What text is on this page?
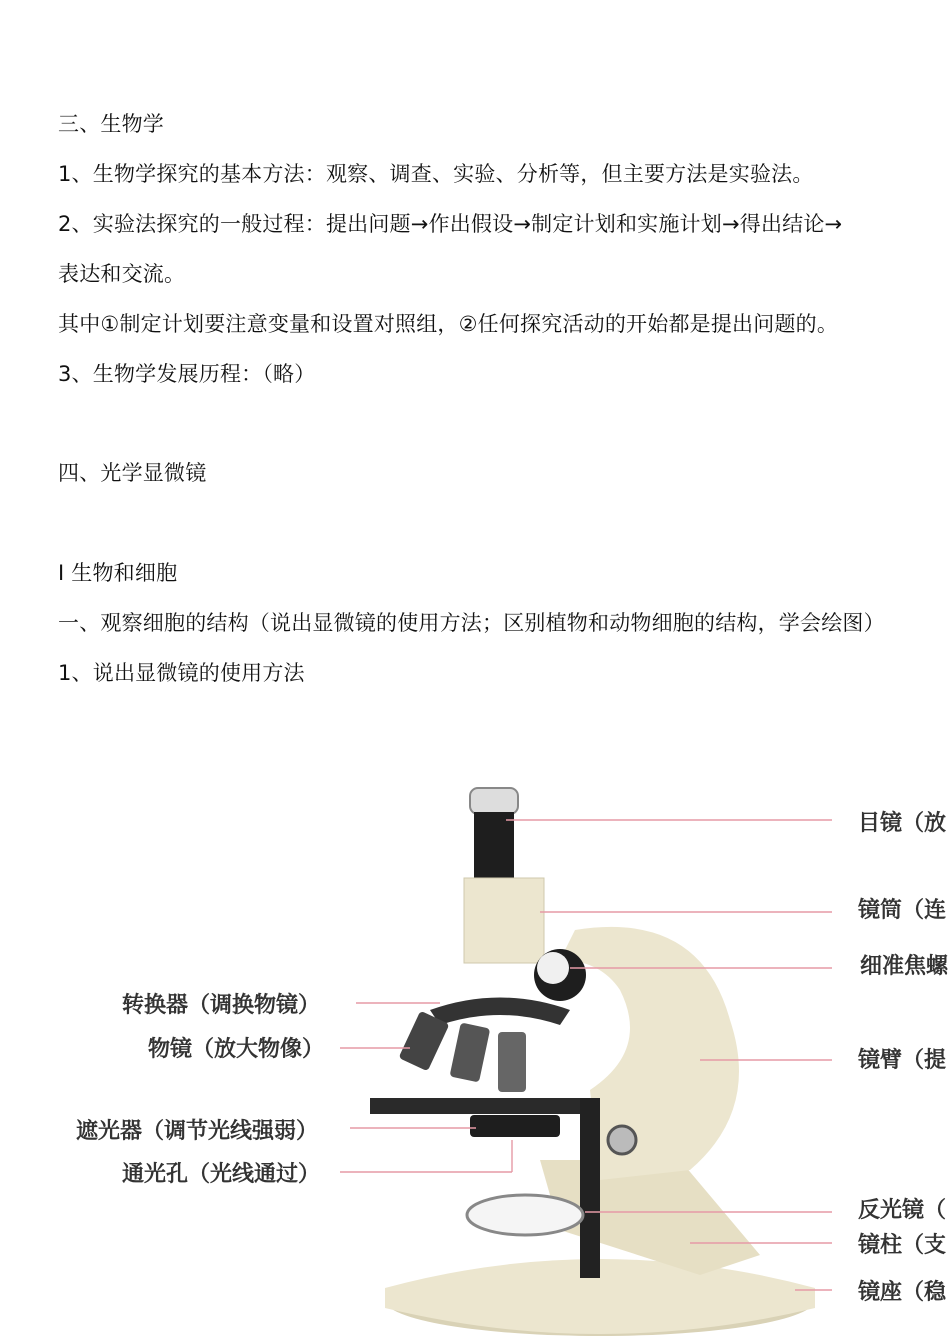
三、生物学
1、生物学探究的基本方法：观察、调查、实验、分析等，但主要方法是实验法。
2、实验法探究的一般过程：提出问题→作出假设→制定计划和实施计划→得出结论→
表达和交流。
其中①制定计划要注意变量和设置对照组，②任何探究活动的开始都是提出问题的。
3、生物学发展历程：（略）
四、光学显微镜
Ⅰ 生物和细胞
一、观察细胞的结构（说出显微镜的使用方法；区别植物和动物细胞的结构，学会绘图）
1、说出显微镜的使用方法
转换器（调换物镜）
物镜（放大物像）
遮光器（调节光线强弱）
通光孔（光线通过）
目镜（放
镜筒（连
细准焦螺
镜臂（提
反光镜（
镜柱（支
镜座（稳
